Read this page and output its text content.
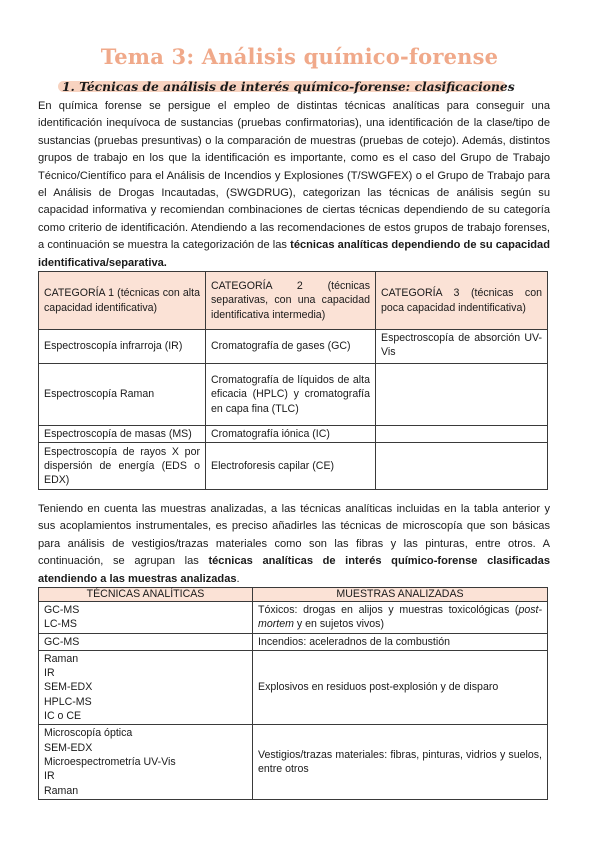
Tema 3: Análisis químico-forense
1. Técnicas de análisis de interés químico-forense: clasificaciones

En química forense se persigue el empleo de distintas técnicas analíticas para conseguir una identificación inequívoca de sustancias (pruebas confirmatorias), una identificación de la clase/tipo de sustancias (pruebas presuntivas) o la comparación de muestras (pruebas de cotejo). Además, distintos grupos de trabajo en los que la identificación es importante, como es el caso del Grupo de Trabajo Técnico/Científico para el Análisis de Incendios y Explosiones (T/SWGFEX) o el Grupo de Trabajo para el Análisis de Drogas Incautadas, (SWGDRUG), categorizan las técnicas de análisis según su capacidad informativa y recomiendan combinaciones de ciertas técnicas dependiendo de su categoría como criterio de identificación. Atendiendo a las recomendaciones de estos grupos de trabajo forenses, a continuación se muestra la categorización de las técnicas analíticas dependiendo de su capacidad identificativa/separativa.

CATEGORÍA 1 (técnicas con alta capacidad identificativa)	CATEGORÍA 2 (técnicas separativas, con una capacidad identificativa intermedia)	CATEGORÍA 3 (técnicas con poca capacidad indentificativa)
Espectroscopía infrarroja (IR)	Cromatografía de gases (GC)	Espectroscopía de absorción UV-Vis
Espectroscopía Raman	Cromatografía de líquidos de alta eficacia (HPLC) y cromatografía en capa fina (TLC)	
Espectroscopía de masas (MS)	Cromatografía iónica (IC)	
Espectroscopía de rayos X por dispersión de energía (EDS o EDX)	Electroforesis capilar (CE)	

Teniendo en cuenta las muestras analizadas, a las técnicas analíticas incluidas en la tabla anterior y sus acoplamientos instrumentales, es preciso añadirles las técnicas de microscopía que son básicas para análisis de vestigios/trazas materiales como son las fibras y las pinturas, entre otros. A continuación, se agrupan las técnicas analíticas de interés químico-forense clasificadas atendiendo a las muestras analizadas.

TÉCNICAS ANALÍTICAS	MUESTRAS ANALIZADAS

GC-MS
LC-MS	Tóxicos: drogas en alijos y muestras toxicológicas (post-mortem y en sujetos vivos)

GC-MS	Incendios: aceleradnos de la combustión

Raman
IR
SEM-EDX
HPLC-MS
IC o CE	Explosivos en residuos post-explosión y de disparo

Microscopía óptica
SEM-EDX
Microespectrometría UV-Vis
IR
Raman	Vestigios/trazas materiales: fibras, pinturas, vidrios y suelos, entre otros
